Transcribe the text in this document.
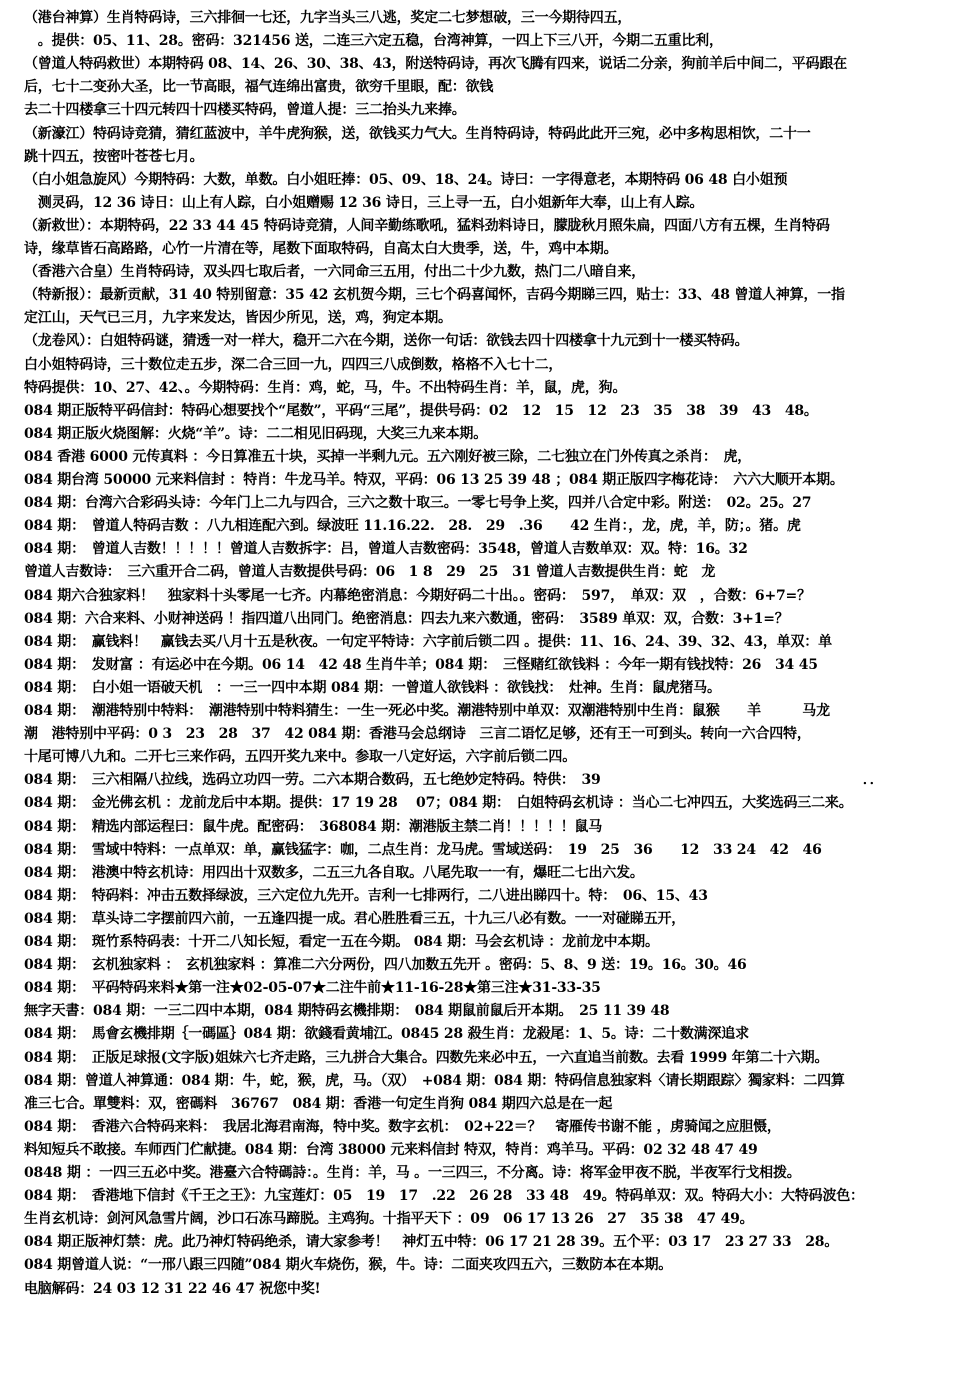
（港台神算）生肖特码诗，三六排徊一七还，九字当头三八逃，奖定二七梦想破，三一今期待四五，
　。提供：05、11、28。密码：321456 送，二连三六定五稳，台湾神算，一四上下三八开，今期二五重比利，
（曾道人特码救世）本期特码 08、14、26、30、38、43，附送特码诗，再次飞腾有四来，说话二分亲，狗前羊后中间二，平码跟在
后，七十二变孙大圣，比一节高眼，福气连绵出富贵，欲穷千里眼，配：欲钱
去二十四楼拿三十四元转四十四楼买特码，曾道人提：三二抬头九来捧。
（新濠江）特码诗竞猜，猜红蓝波中，羊牛虎狗猴，送，欲钱买力气大。生肖特码诗，特码此此开三宛，必中多构思相饮，二十一
跳十四五，按密叶苍苍七月。
（白小姐急旋风）今期特码：大数，单数。白小姐旺捧：05、09、18、24。诗曰：一字得意老，本期特码 06 48 白小姐预
　测灵码，12 36 诗日：山上有人踪，白小姐赠赐 12 36 诗日，三上寻一五，白小姐新年大奉，山上有人踪。
（新救世）：本期特码，22 33 44 45 特码诗竞猜，人间辛勤练歌吼，猛料劲料诗日，朦胧秋月照朱扁，四面八方有五棵，生肖特码
诗，缘草皆石高路路，心竹一片清在等，尾数下面取特码，自高太白大贵季，送，牛，鸡中本期。
（香港六合皇）生肖特码诗，双头四七取后者，一六同命三五用，付出二十少九数，热门二八暗自来，
（特新报）：最新贡献，31 40 特别留意：35 42 玄机贺今期，三七个码喜闻怀，吉码今期睇三四，贴士：33、48 曾道人神算，一指
定江山，天气已三月，九字来发达，皆因少所见，送，鸡，狗定本期。
（龙卷风）：白姐特码谜，猜透一对一样大，稳开二六在今期，送你一句话：欲钱去四十四楼拿十九元到十一楼买特码。
白小姐特码诗，三十数位走五步，深二合三回一九，四四三八成倒数，格格不入七十二，
特码提供：10、27、42、。今期特码：生肖：鸡，蛇，马，牛。不出特码生肖：羊，鼠，虎，狗。
084 期正版特平码信封：特码心想要找个“尾数”，平码“三尾”，提供号码：02　12　15　12　23　35　38　39　43　48。
084 期正版火烧图解：火烧“羊”。诗：二二相见旧码现，大奖三九来本期。
084 香港 6000 元传真料 ：今日算准五十块，买掉一半剩九元。五六刚好被三除，二七独立在门外传真之杀肖：　虎，
084 期台湾 50000 元来料信封 ：特肖：牛龙马羊。特双，平码：06 13 25 39 48 ；084 期正版四字梅花诗：　六六大顺开本期。
084 期：台湾六合彩码头诗：今年门上二九与四合，三六之数十取三。一零七号争上奖，四并八合定中彩。附送：　02。25。27
084 期：　曾道人特码吉数 ：八九相连配六到。绿波旺 11.16.22.　28.　29　.36　　42 生肖：，龙，虎，羊，防；。猪。虎
084 期：　曾道人吉数！！！！！曾道人吉数拆字：吕，曾道人吉数密码：3548，曾道人吉数单双：双。特：16。32
曾道人吉数诗：　三六重开合二码，曾道人吉数提供号码：06　1 8　29　25　31 曾道人吉数提供生肖：蛇　龙
084 期六合独家料！　独家料十头零尾一七齐。内幕绝密消息：今期好码二十出。。密码：　597，　单双：双　，合数：6+7=？
084 期：六合来料、小财神送码 ！指四道八出同门。绝密消息：四去九来六数通，密码：　3589 单双：双，合数：3+1=？
084 期：　赢钱料！　赢钱去买八月十五是秋夜。一句定平特诗：六字前后锁二四 。提供：11、16、24、39、32、43，单双：单
084 期：　发财富 ：有运必中在今期。06 14　42 48 生肖牛羊；084 期：　三怪赌红欲钱料 ：今年一期有钱找特：26　34 45
084 期：　白小姐一语破天机　：一三一四中本期 084 期：一曾道人欲钱料 ：欲钱找：　灶神。生肖：鼠虎猪马。
084 期：　潮港特别中特料：　潮港特别中特料猜生：一生一死必中奖。潮港特别中单双：双潮港特别中生肖：鼠猴　　羊　　　马龙
潮　港特别中平码：0 3　23　28　37　42 084 期：香港马会总纲诗　三言二语忆足够，还有王一可到头。转向一六合四特，
十尾可博八九和。二开七三来作码，五四开奖九来中。参取一八定好运，六字前后锁二四。
084 期：　三六相隔八拉线，选码立功四一劳。二六本期合数码，五七绝妙定特码。特供：　39　　　　　　　　　　　　　　　　　　　．．
084 期：　金光佛玄机 ：龙前龙后中本期。提供：17 19 28　 07；084 期：　白姐特码玄机诗 ：当心二七冲四五，大奖选码三二来。
084 期：　精选内部运程曰：鼠牛虎。配密码：　368084 期：潮港版主禁二肖！！！！！鼠马
084 期：　雪域中特料：一点单双：单，赢钱猛字：咖，二点生肖：龙马虎。雪域送码：　19　25　36　　12　33 24　42　46
084 期：　港澳中特玄机诗：用四出十双数多，二五三九各自取。八尾先取一一有，爆旺二七出六发。
084 期：　特码料：冲击五数择绿波，三六定位九先开。吉利一七排两行，二八进出睇四十。特：　06、15、43
084 期：　草头诗二字摆前四六前，一五逢四提一成。君心胜胜看三五，十九三八必有数。一一对碰睇五开，
084 期：　斑竹系特码表：十开二八知长短，看定一五在今期。 084 期：马会玄机诗 ：龙前龙中本期。
084 期：　玄机独家料 ：　玄机独家料 ：算准二六分两份，四八加数五先开 。密码：5、8、9 送：19。16。30。46
084 期：　平码特码来料★第一注★02-05-07★二注牛前★11-16-28★第三注★31-33-35
無字天書：084 期：一三二四中本期，084 期特码玄機排期：　084 期鼠前鼠后开本期。　25 11 39 48
084 期：　馬會玄機排期｛一碼區｝084 期：欲錢看黄埔江。0845 28 殺生肖：龙殺尾：1、5。诗：二十数满深追求
084 期：　正版足球报(文字版)姐妹六七齐走路，三九拼合大集合。四数先来必中五，一六直追当前数。去看 1999 年第二十六期。
084 期：曾道人神算通：084 期：牛，蛇，猴，虎，马。（双）　+084 期：084 期：特码信息独家料〈请长期跟踪〉獨家料：二四算
准三七合。單雙料：双，密碼料　36767　084 期：香港一句定生肖狗 084 期四六总是在一起
084 期：　香港六合特码来料：　我居北海君南海，特中奖。数字玄机：　02+22＝？　寄雁传书谢不能 ，虏骑闻之应胆慑，
料知短兵不敢接。车师西门伫献捷。084 期：台湾 38000 元来料信封 特双，特肖：鸡羊马。平码：02 32 48 47 49
0848 期 ：一四三五必中奖。港臺六合特碼詩：。生肖：羊，马 。一三四三，不分离。诗：将军金甲夜不脱，半夜军行戈相拨。
084 期：　香港地下信封《千王之王》：九宝莲灯：05　19　17　.22　26 28　33 48　49。特码单双：双。特码大小：大特码波色：
生肖玄机诗：剑河风急雪片阔，沙口石冻马蹄脱。主鸡狗。十指平天下 ：09　06 17 13 26　27　35 38　47 49。
084 期正版神灯禁：虎。此乃神灯特码绝杀，请大家参考！　神灯五中特：06 17 21 28 39。五个平：03 17　23 27 33　28。
084 期曾道人说：“一邢八跟三四随”084 期火车烧伤，猴，牛。诗：二面夹攻四五六，三数防本在本期。
电脑解码：24 03 12 31 22 46 47 祝您中奖!
